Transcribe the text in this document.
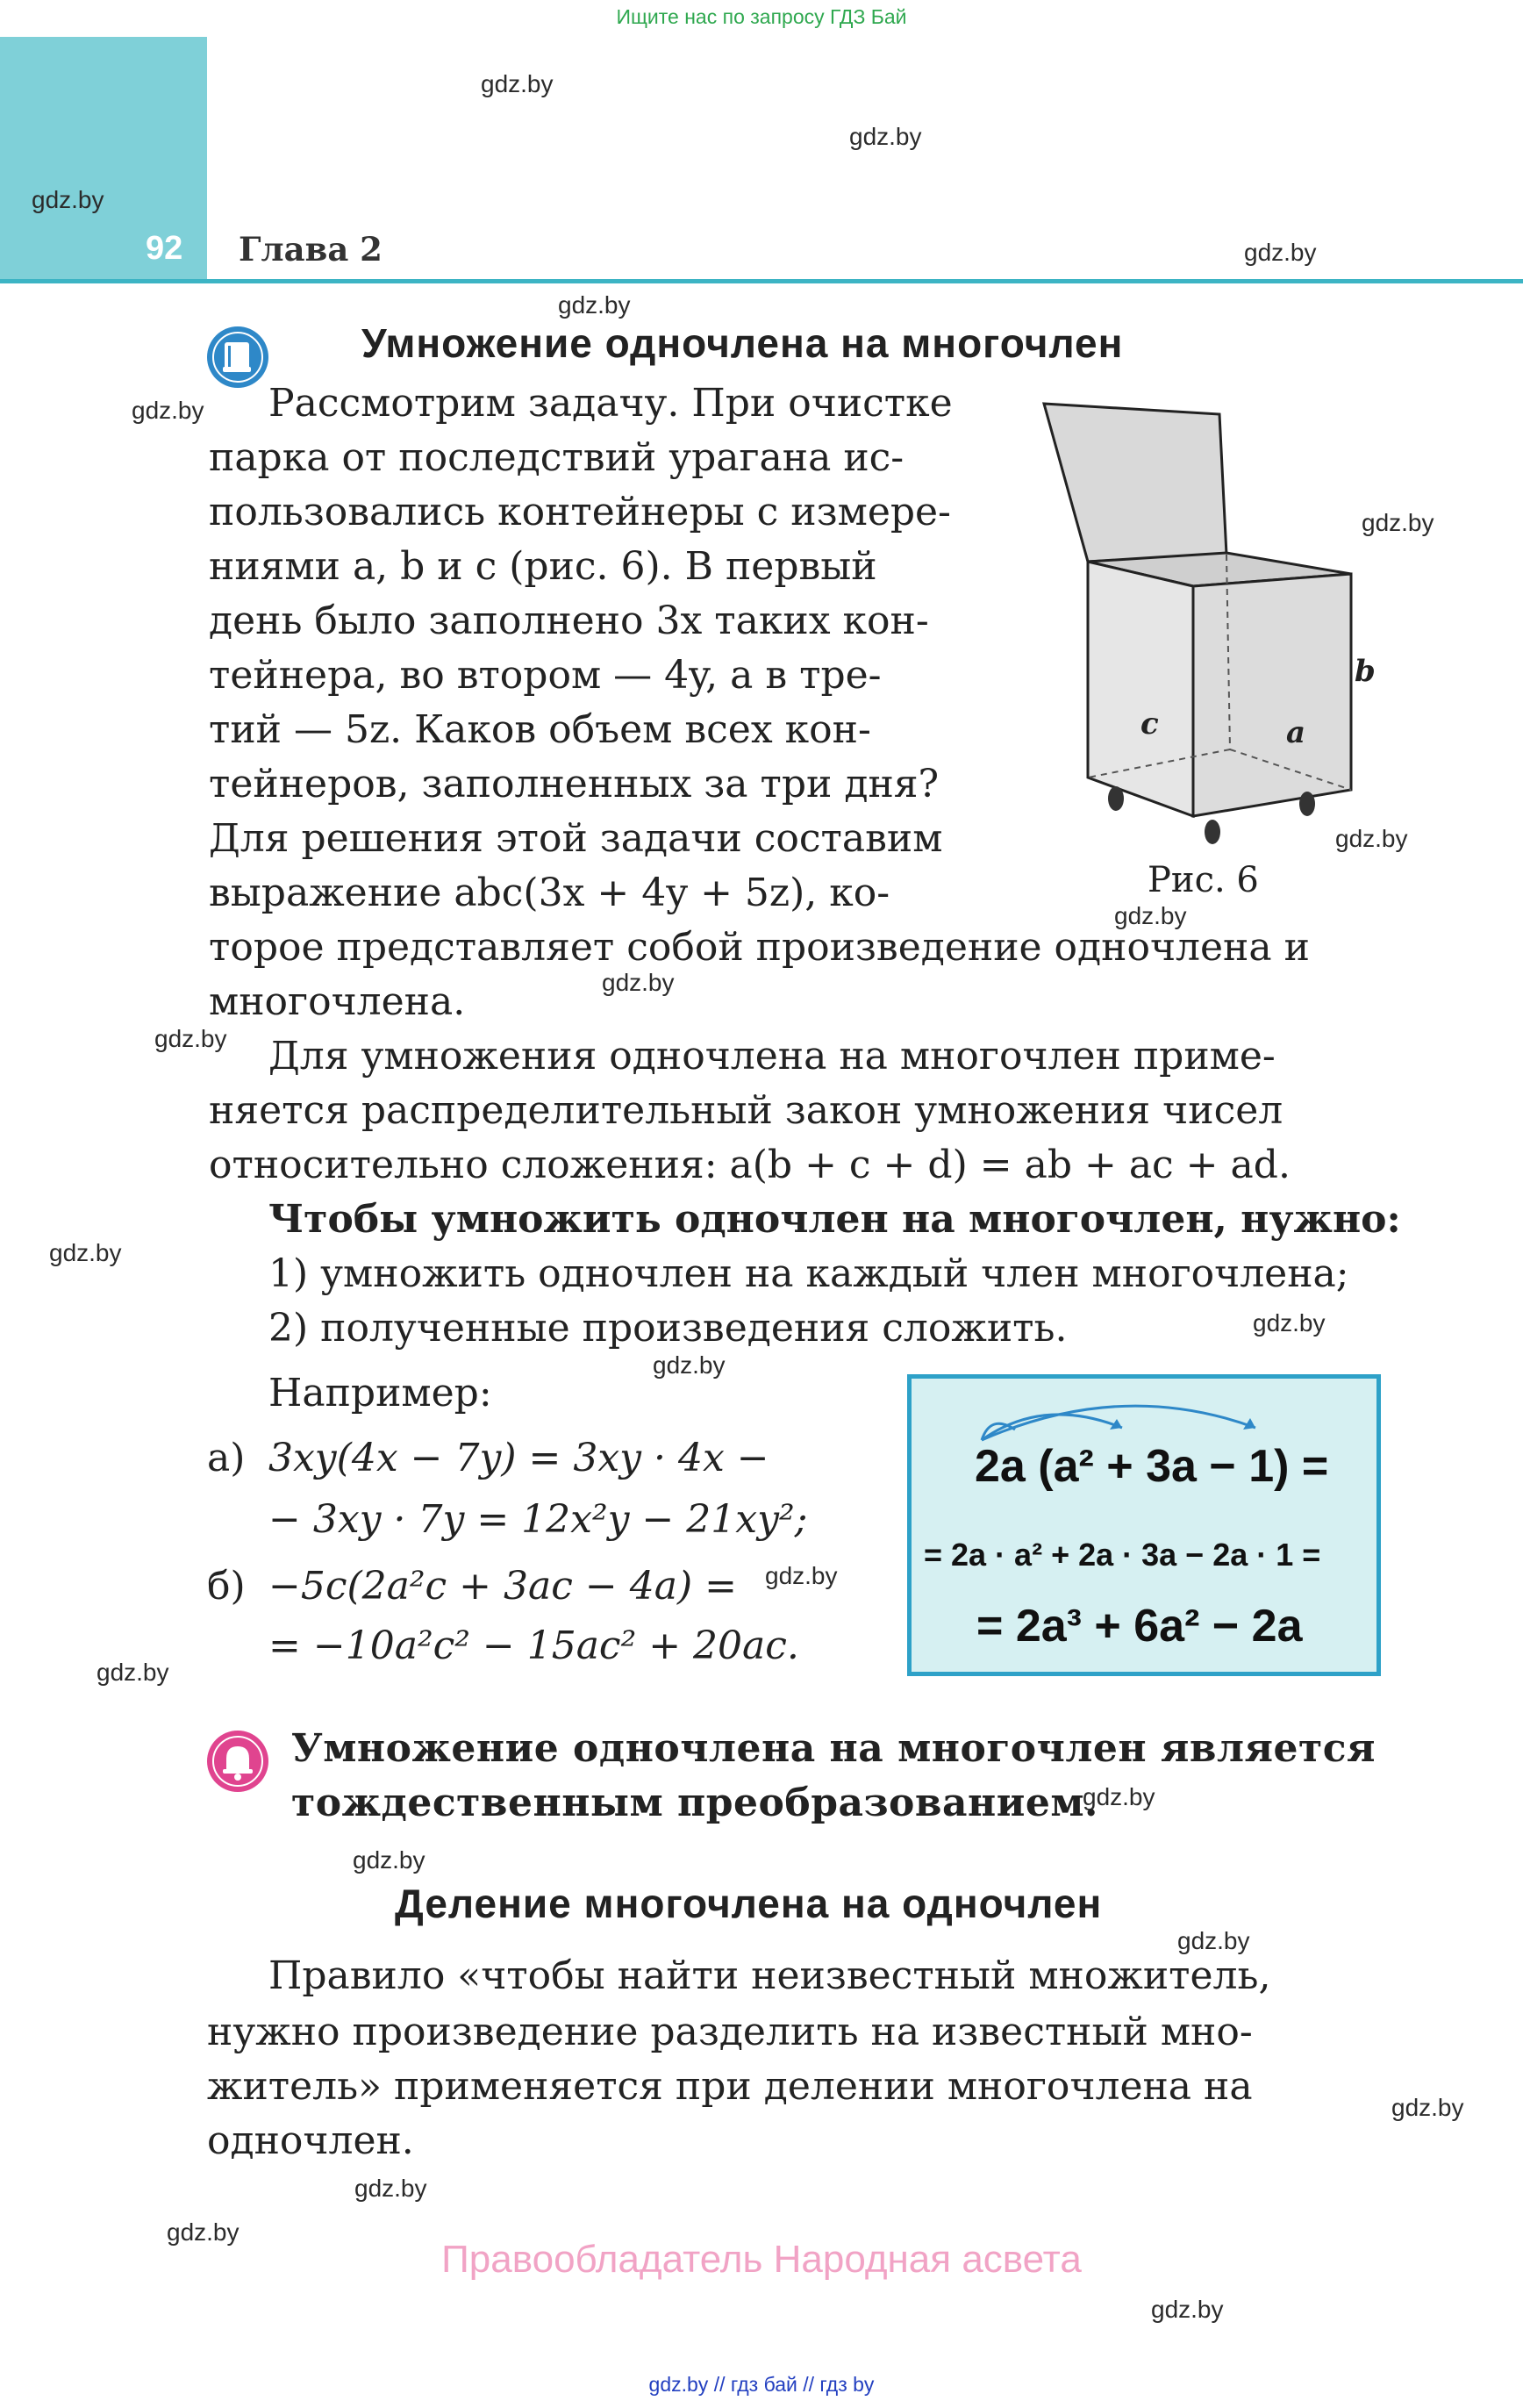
Ищите нас по запросу ГДЗ Бай
92 Глава 2
gdz.by
gdz.by
gdz.by
gdz.by
gdz.by
gdz.by
gdz.by
gdz.by
gdz.by
gdz.by
gdz.by
gdz.by
gdz.by
gdz.by
gdz.by
gdz.by
gdz.by
gdz.by
gdz.by
gdz.by
gdz.by
gdz.by
gdz.by
Умножение одночлена на многочлен
Рассмотрим задачу. При очистке
парка от последствий урагана ис-
пользовались контейнеры с измере-
ниями a, b и c (рис. 6). В первый
день было заполнено 3x таких кон-
тейнера, во втором — 4y, а в тре-
тий — 5z. Каков объем всех кон-
тейнеров, заполненных за три дня?
Для решения этой задачи составим
выражение abc(3x + 4y + 5z), ко-
торое представляет собой произведение одночлена и
многочлена.
c	a
b
Рис. 6
Для умножения одночлена на многочлен приме-
няется распределительный закон умножения чисел
относительно сложения: a(b + c + d) = ab + ac + ad.
Чтобы умножить одночлен на многочлен, нужно:
1) умножить одночлен на каждый член многочлена;
2) полученные произведения сложить.
Например:
а) 3xy(4x − 7y) = 3xy · 4x −
− 3xy · 7y = 12x²y − 21xy²;
б) −5c(2a²c + 3ac − 4a) =
= −10a²c² − 15ac² + 20ac.
2a (a² + 3a − 1) =
= 2a · a² + 2a · 3a − 2a · 1 =
= 2a³ + 6a² − 2a
Умножение одночлена на многочлен является
тождественным преобразованием.
Деление многочлена на одночлен
Правило «чтобы найти неизвестный множитель,
нужно произведение разделить на известный мно-
житель» применяется при делении многочлена на
одночлен.
Правообладатель Народная асвета
gdz.by // гдз бай // гдз by
